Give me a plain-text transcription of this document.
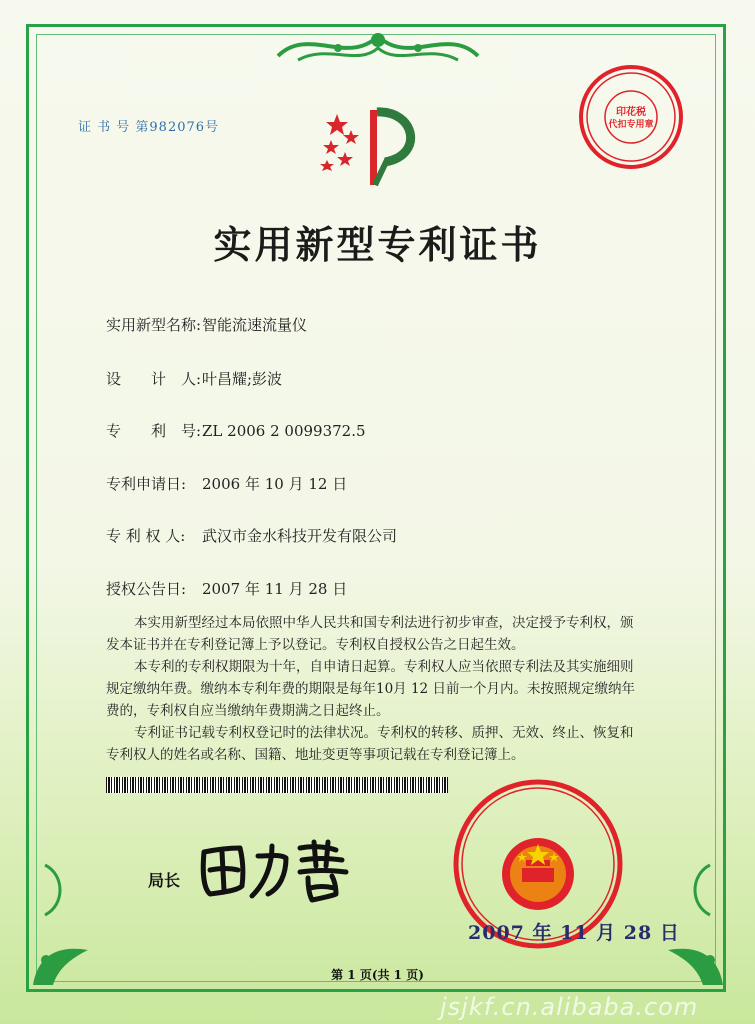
证 书 号 第982076号
印花税
代扣专用章
实用新型专利证书
实用新型名称:智能流速流量仪
设　　计　人:叶昌耀;彭波
专　　利　号:ZL 2006 2 0099372.5
专利申请日: 2006 年 10 月 12 日
专 利 权 人: 武汉市金水科技开发有限公司
授权公告日: 2007 年 11 月 28 日

本实用新型经过本局依照中华人民共和国专利法进行初步审查，决定授予专利权，颁

发本证书并在专利登记簿上予以登记。专利权自授权公告之日起生效。

本专利的专利权期限为十年，自申请日起算。专利权人应当依照专利法及其实施细则

规定缴纳年费。缴纳本专利年费的期限是每年10月 12 日前一个月内。未按照规定缴纳年

费的，专利权自应当缴纳年费期满之日起终止。

专利证书记载专利权登记时的法律状况。专利权的转移、质押、无效、终止、恢复和

专利权人的姓名或名称、国籍、地址变更等事项记载在专利登记簿上。

局长
2007 年 11 月 28 日
第 1 页(共 1 页)
jsjkf.cn.alibaba.com
